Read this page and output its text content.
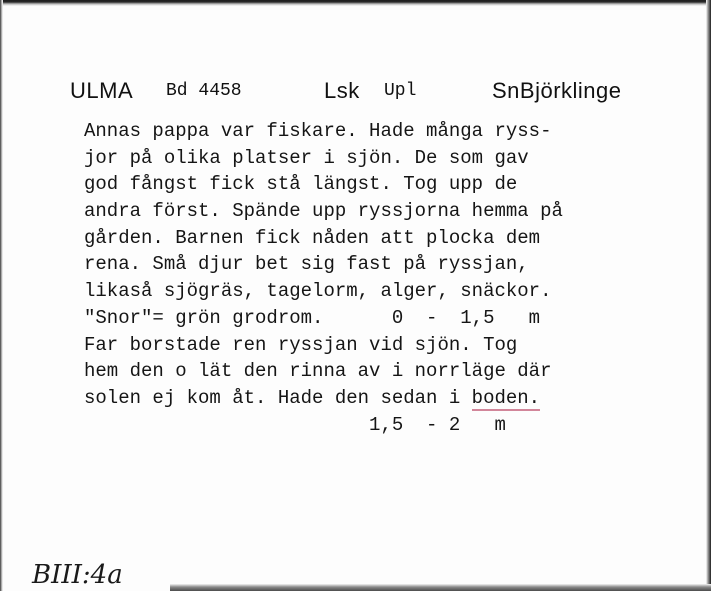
ULMA Bd 4458	Lsk Upl	SnBjörklinge
Annas pappa var fiskare. Hade många ryss-
jor på olika platser i sjön. De som gav
god fångst fick stå längst. Tog upp de
andra först. Spände upp ryssjorna hemma på
gården. Barnen fick nåden att plocka dem
rena. Små djur bet sig fast på ryssjan,
likaså sjögräs, tagelorm, alger, snäckor.
"Snor"= grön grodrom.      0  -  1,5   m
Far borstade ren ryssjan vid sjön. Tog
hem den o lät den rinna av i norrläge där
solen ej kom åt. Hade den sedan i boden.
1,5  - 2   m
BIII:4a
